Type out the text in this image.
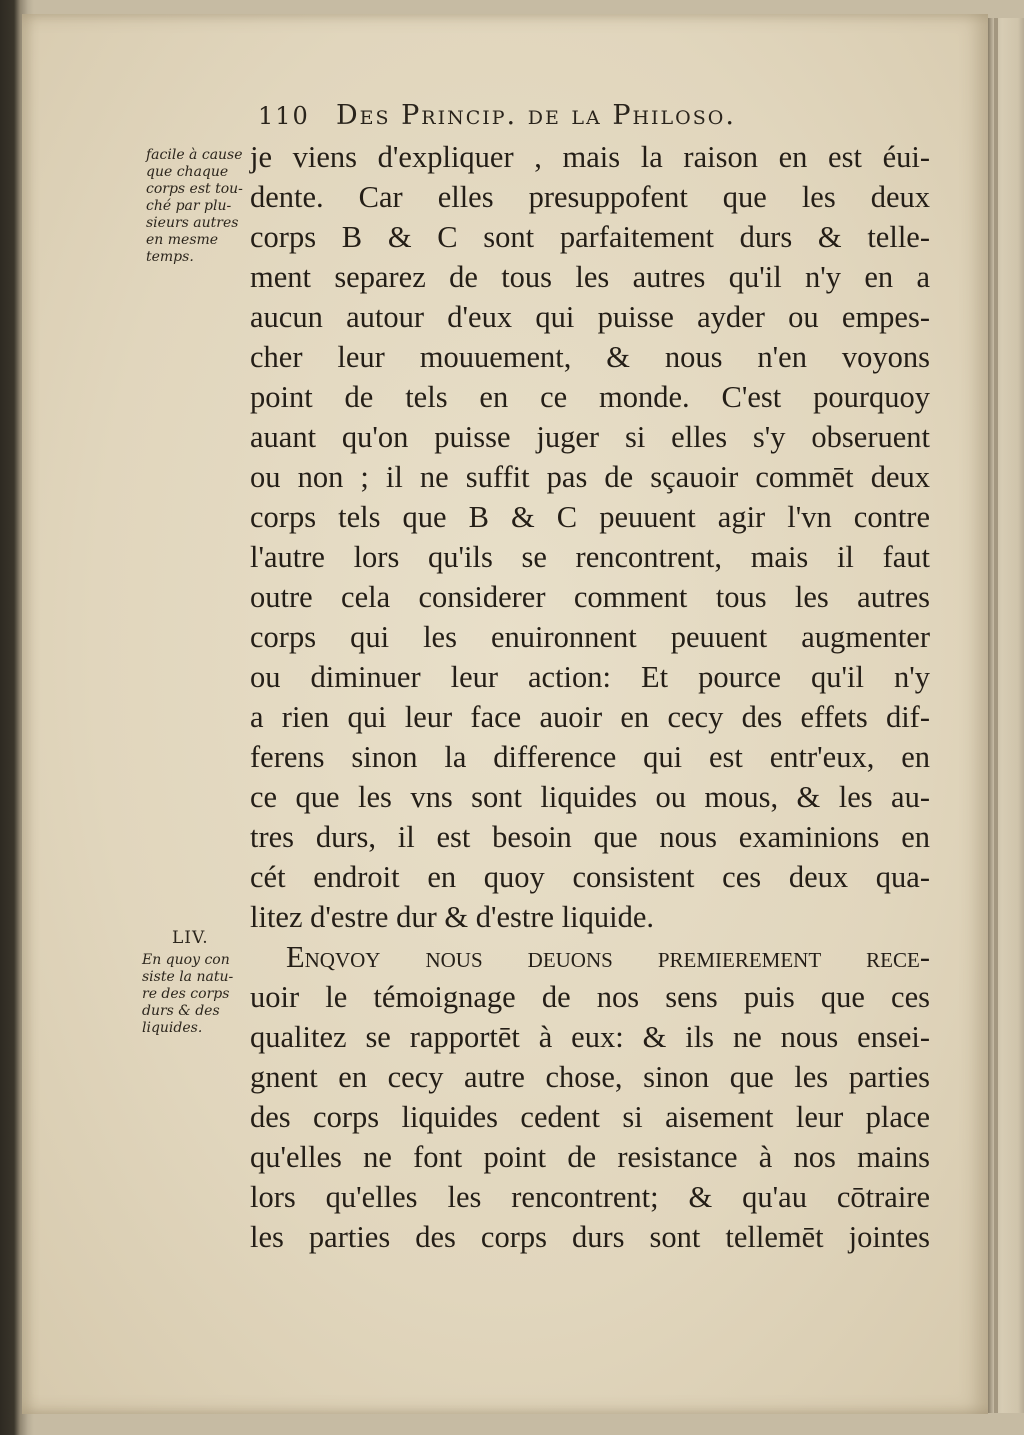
110 Des Princip. de la Philoso.
facile à cause
que chaque
corps est tou-
ché par plu-
sieurs autres
en mesme
temps.
LIV.
En quoy con
siste la natu-
re des corps
durs & des
liquides.
je viens d'expliquer , mais la raison en est éui-
dente. Car elles presuppofent que les deux
corps B & C sont parfaitement durs & telle-
ment separez de tous les autres qu'il n'y en a
aucun autour d'eux qui puisse ayder ou empes-
cher leur mouuement, & nous n'en voyons
point de tels en ce monde. C'est pourquoy
auant qu'on puisse juger si elles s'y obseruent
ou non ; il ne suffit pas de sçauoir commēt deux
corps tels que B & C peuuent agir l'vn contre
l'autre lors qu'ils se rencontrent, mais il faut
outre cela considerer comment tous les autres
corps qui les enuironnent peuuent augmenter
ou diminuer leur action: Et pource qu'il n'y
a rien qui leur face auoir en cecy des effets dif-
ferens sinon la difference qui est entr'eux, en
ce que les vns sont liquides ou mous, & les au-
tres durs, il est besoin que nous examinions en
cét endroit en quoy consistent ces deux qua-
litez d'estre dur & d'estre liquide.
Enqvoy nous deuons premierement rece-
uoir le témoignage de nos sens puis que ces
qualitez se rapportēt à eux: & ils ne nous ensei-
gnent en cecy autre chose, sinon que les parties
des corps liquides cedent si aisement leur place
qu'elles ne font point de resistance à nos mains
lors qu'elles les rencontrent; & qu'au cōtraire
les parties des corps durs sont tellemēt jointes
